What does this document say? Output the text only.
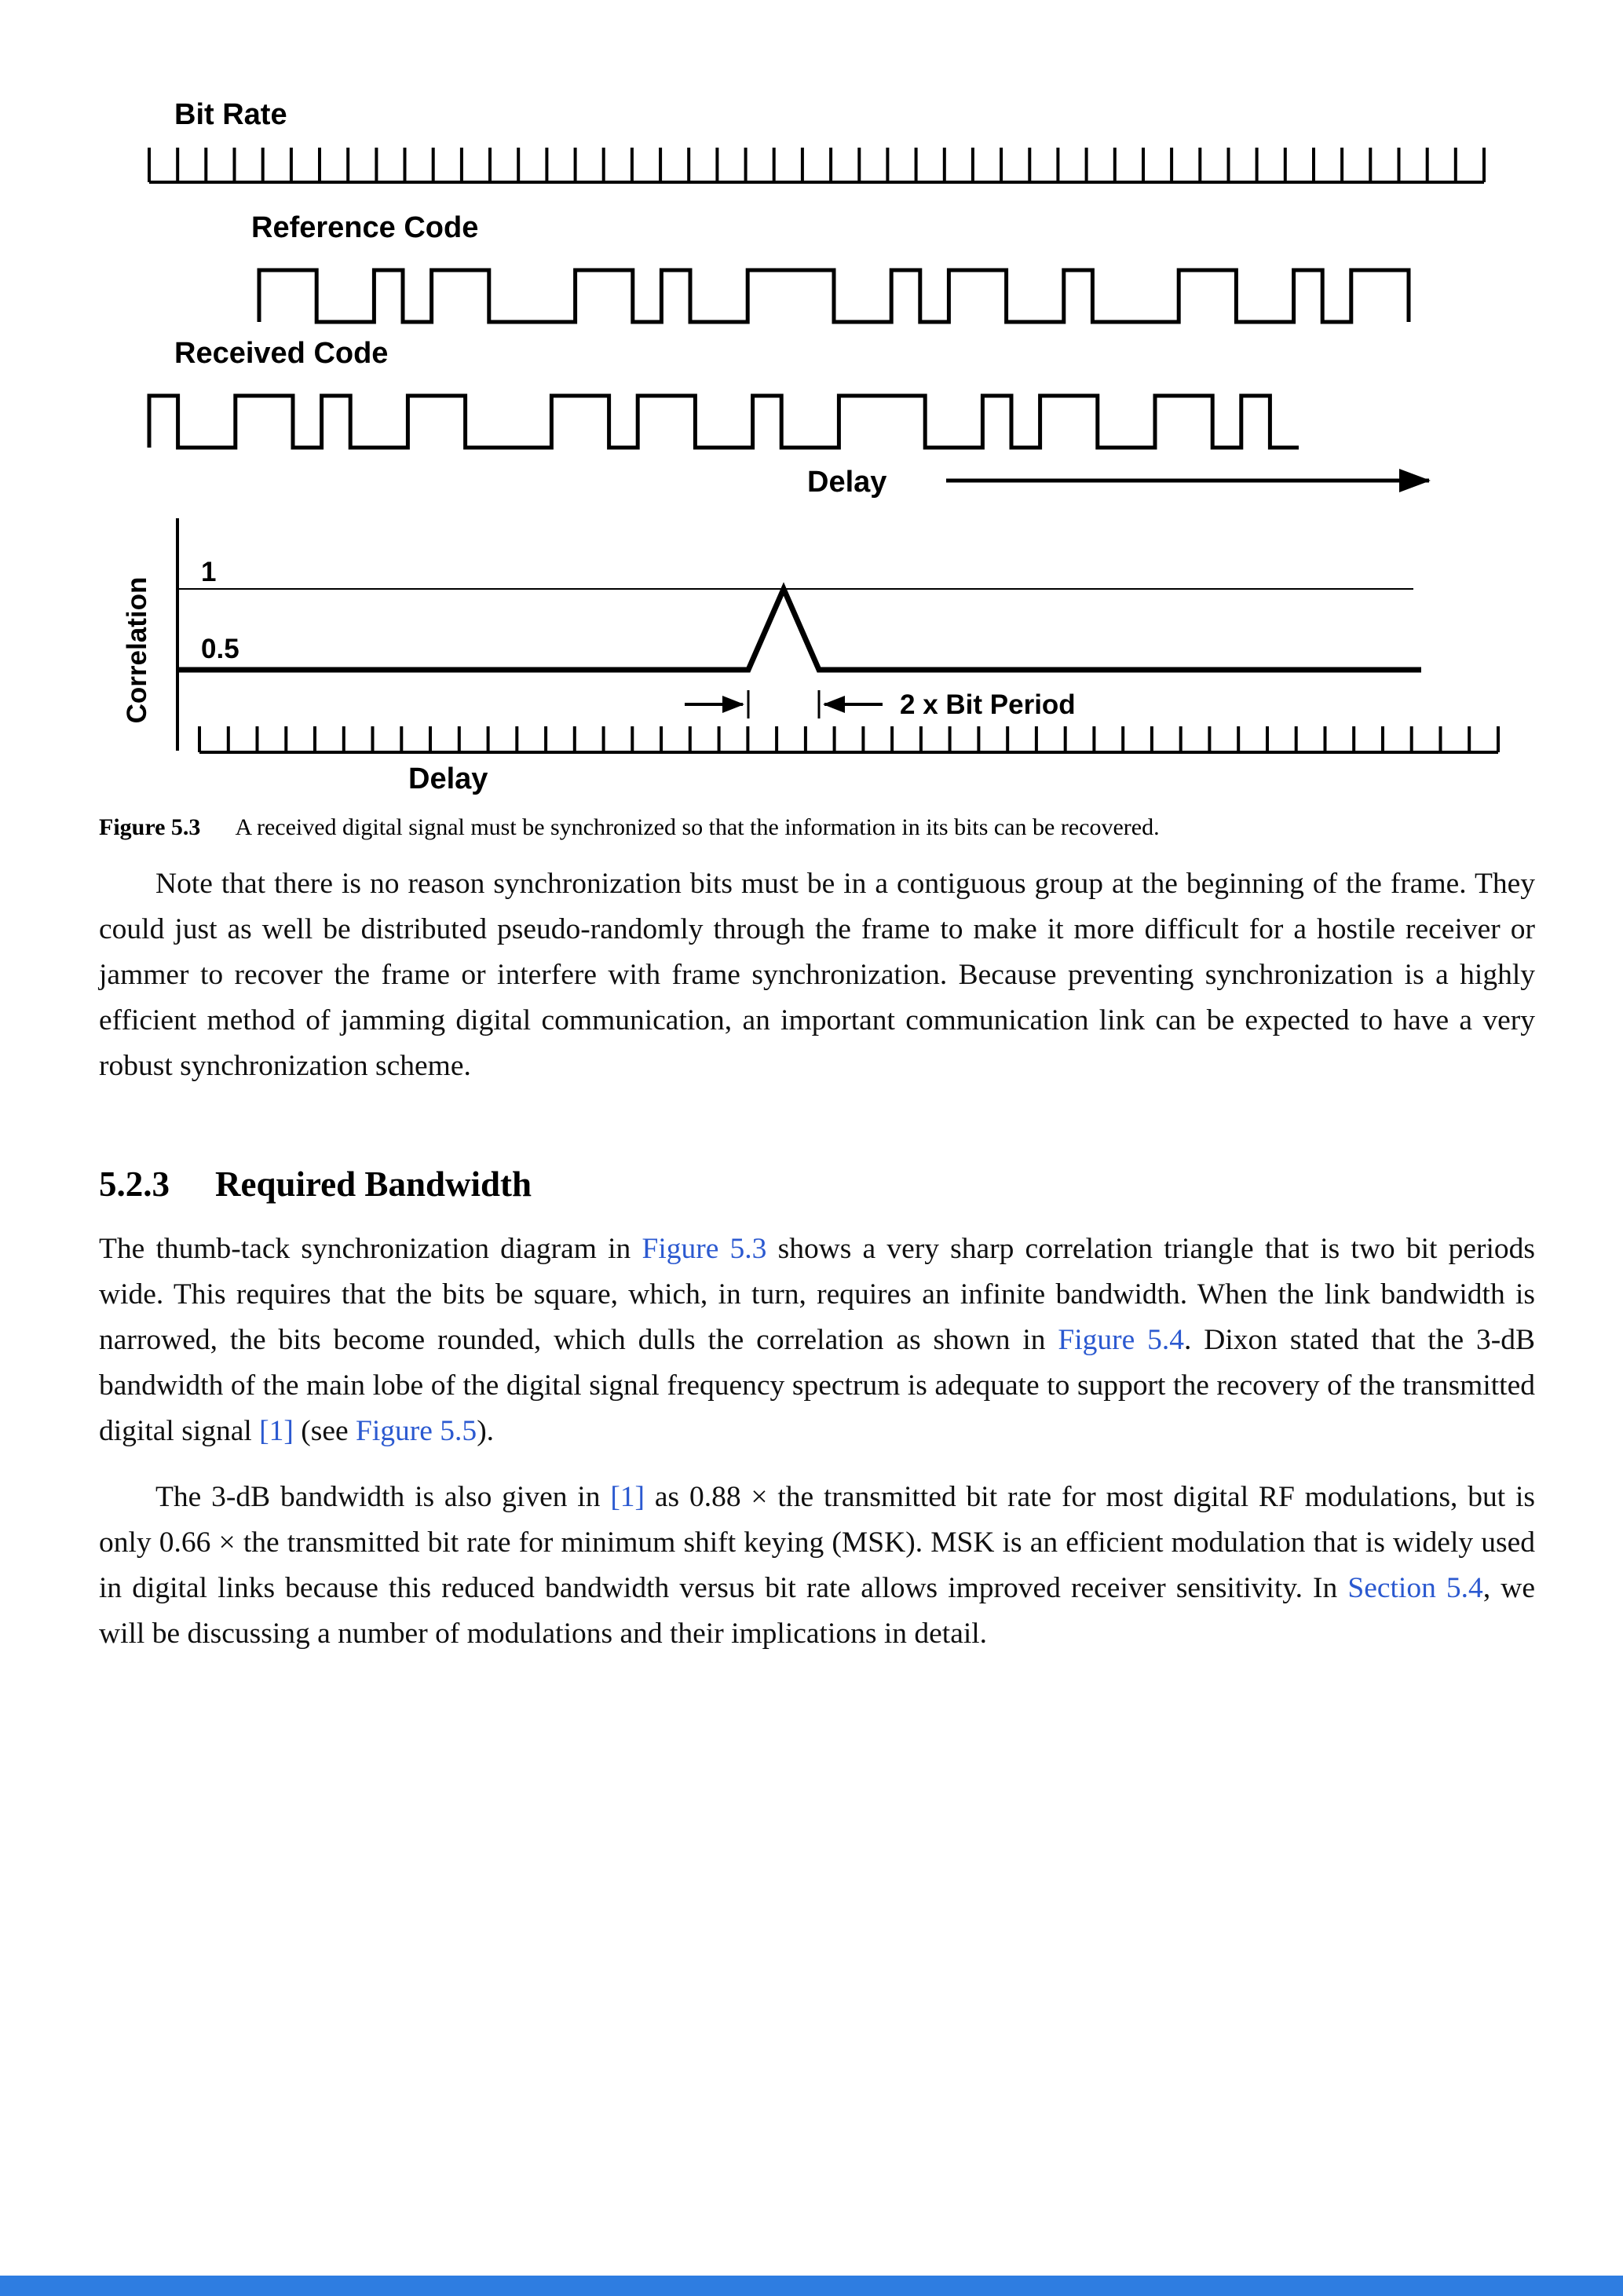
Bit Rate
Reference Code
Received Code
Delay
Correlation
1
0.5
2 x Bit Period
Delay

Figure 5.3 A received digital signal must be synchronized so that the information in its bits can be recovered.

Note that there is no reason synchronization bits must be in a contiguous group at the beginning of the frame. They could just as well be distributed pseudo-randomly through the frame to make it more difficult for a hostile receiver or jammer to recover the frame or interfere with frame synchronization. Because preventing synchronization is a highly efficient method of jamming digital communication, an important communication link can be expected to have a very robust synchronization scheme.

5.2.3 Required Bandwidth

The thumb-tack synchronization diagram in Figure 5.3 shows a very sharp correlation triangle that is two bit periods wide. This requires that the bits be square, which, in turn, requires an infinite bandwidth. When the link bandwidth is narrowed, the bits become rounded, which dulls the correlation as shown in Figure 5.4. Dixon stated that the 3-dB bandwidth of the main lobe of the digital signal frequency spectrum is adequate to support the recovery of the transmitted digital signal [1] (see Figure 5.5).

The 3-dB bandwidth is also given in [1] as 0.88 × the transmitted bit rate for most digital RF modulations, but is only 0.66 × the transmitted bit rate for minimum shift keying (MSK). MSK is an efficient modulation that is widely used in digital links because this reduced bandwidth versus bit rate allows improved receiver sensitivity. In Section 5.4, we will be discussing a number of modulations and their implications in detail.
